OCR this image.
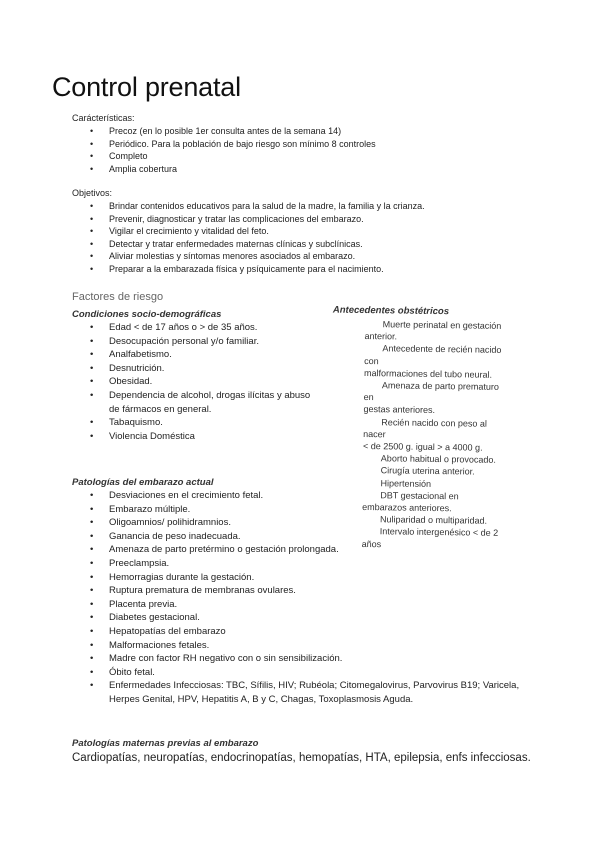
Control prenatal
Carácterísticas:
• Precoz (en lo posible 1er consulta antes de la semana 14)
• Periódico. Para la población de bajo riesgo son mínimo 8 controles
• Completo
• Amplia cobertura
Objetivos:
• Brindar contenidos educativos para la salud de la madre, la familia y la crianza.
• Prevenir, diagnosticar y tratar las complicaciones del embarazo.
• Vigilar el crecimiento y vitalidad del feto.
• Detectar y tratar enfermedades maternas clínicas y subclínicas.
• Aliviar molestias y síntomas menores asociados al embarazo.
• Preparar a la embarazada física y psíquicamente para el nacimiento.
Factores de riesgo
Condiciones socio-demográficas
• Edad < de 17 años o > de 35 años.
• Desocupación personal y/o familiar.
• Analfabetismo.
• Desnutrición.
• Obesidad.
• Dependencia de alcohol, drogas ilícitas y abuso de fármacos en general.
• Tabaquismo.
• Violencia Doméstica
Antecedentes obstétricos
Muerte perinatal en gestación
anterior.
Antecedente de recién nacido
con
malformaciones del tubo neural.
Amenaza de parto prematuro
en
gestas anteriores.
Recién nacido con peso al
nacer
< de 2500 g. igual > a 4000 g.
Aborto habitual o provocado.
Cirugía uterina anterior.
Hipertensión
DBT gestacional en
embarazos anteriores.
Nuliparidad o multiparidad.
Intervalo intergenésico < de 2
años
Patologías del embarazo actual
• Desviaciones en el crecimiento fetal.
• Embarazo múltiple.
• Oligoamnios/ polihidramnios.
• Ganancia de peso inadecuada.
• Amenaza de parto pretérmino o gestación prolongada.
• Preeclampsia.
• Hemorragias durante la gestación.
• Ruptura prematura de membranas ovulares.
• Placenta previa.
• Diabetes gestacional.
• Hepatopatías del embarazo
• Malformaciones fetales.
• Madre con factor RH negativo con o sin sensibilización.
• Óbito fetal.
• Enfermedades Infecciosas: TBC, Sífilis, HIV; Rubéola; Citomegalovirus, Parvovirus B19; Varicela, Herpes Genital, HPV, Hepatitis A, B y C, Chagas, Toxoplasmosis Aguda.
Patologías maternas previas al embarazo

Cardiopatías, neuropatías, endocrinopatías, hemopatías, HTA, epilepsia, enfs infecciosas.
